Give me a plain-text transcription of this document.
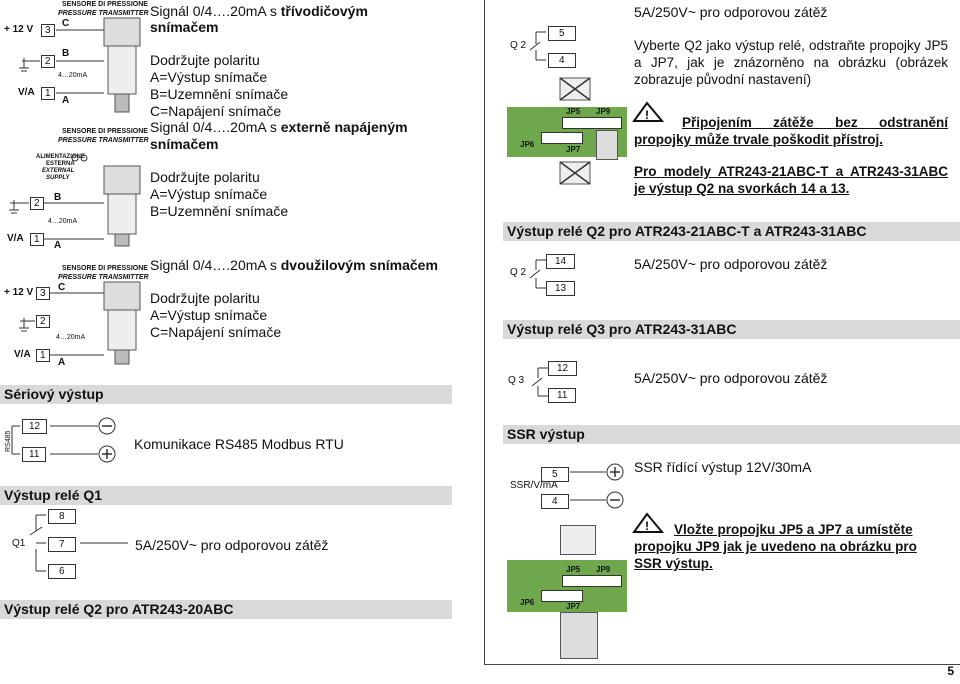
SENSORE DI PRESSIONE
PRESSURE TRANSMITTER
+ 12 V	3
2
1
V/A
C
B
A
4…20mA
Signál 0/4….20mA s třívodičovým
snímačem
Dodržujte polaritu
A=Výstup snímače
B=Uzemnění snímače
C=Napájení snímače
SENSORE DI PRESSIONE
PRESSURE TRANSMITTER
ALIMENTAZIONE
ESTERNA
EXTERNAL
SUPPLY
2
1
V/A
B
A
4…20mA
Signál 0/4….20mA s externě napájeným
snímačem
Dodržujte polaritu
A=Výstup snímače
B=Uzemnění snímače
SENSORE DI PRESSIONE
PRESSURE TRANSMITTER
+ 12 V 3
2
1
V/A
C
A
4…20mA
Signál 0/4….20mA s dvoužilovým snímačem
Dodržujte polaritu
A=Výstup snímače
C=Napájení snímače
Sériový výstup
RS485
12
11
Komunikace RS485 Modbus RTU
Výstup relé Q1
Q1
8
7
6
5A/250V~ pro odporovou zátěž
Výstup relé Q2 pro ATR243-20ABC
Q 2
5
4
JP5 JP9
JP6
JP7
5A/250V~ pro odporovou zátěž
Vyberte Q2 jako výstup relé, odstraňte propojky JP5 a JP7, jak je znázorněno na obrázku (obrázek zobrazuje původní nastavení)
!	Připojením zátěže bez odstranění propojky může trvale poškodit přístroj.
Pro modely ATR243-21ABC-T a ATR243-31ABC je výstup Q2 na svorkách 14 a 13.
Výstup relé Q2 pro ATR243-21ABC-T a ATR243-31ABC
Q 2
14
13
5A/250V~ pro odporovou zátěž
Výstup relé Q3 pro ATR243-31ABC
Q 3
12
11
5A/250V~ pro odporovou zátěž
SSR výstup
SSR/V/mA
5
4
JP5 JP9
JP6	JP7
SSR řídící výstup 12V/30mA
!	Vložte propojku JP5 a JP7 a umístěte propojku JP9 jak je uvedeno na obrázku pro SSR výstup.
5
